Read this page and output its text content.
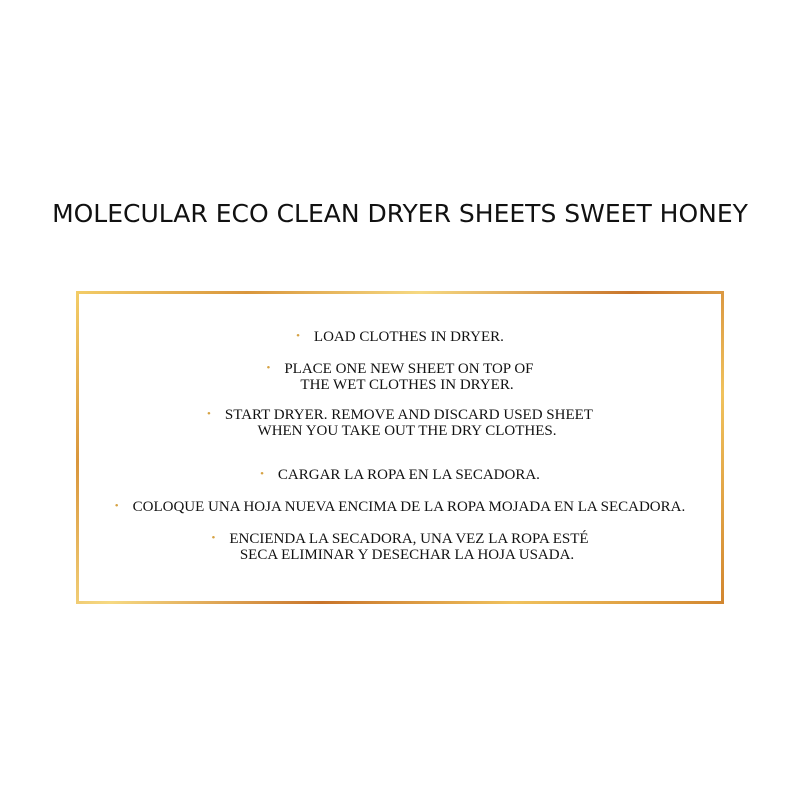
MOLECULAR ECO CLEAN DRYER SHEETS SWEET HONEY
• LOAD CLOTHES IN DRYER.
• PLACE ONE NEW SHEET ON TOP OF
THE WET CLOTHES IN DRYER.
• START DRYER. REMOVE AND DISCARD USED SHEET
WHEN YOU TAKE OUT THE DRY CLOTHES.
• CARGAR LA ROPA EN LA SECADORA.
• COLOQUE UNA HOJA NUEVA ENCIMA DE LA ROPA MOJADA EN LA SECADORA.
• ENCIENDA LA SECADORA, UNA VEZ LA ROPA ESTÉ
SECA ELIMINAR Y DESECHAR LA HOJA USADA.
